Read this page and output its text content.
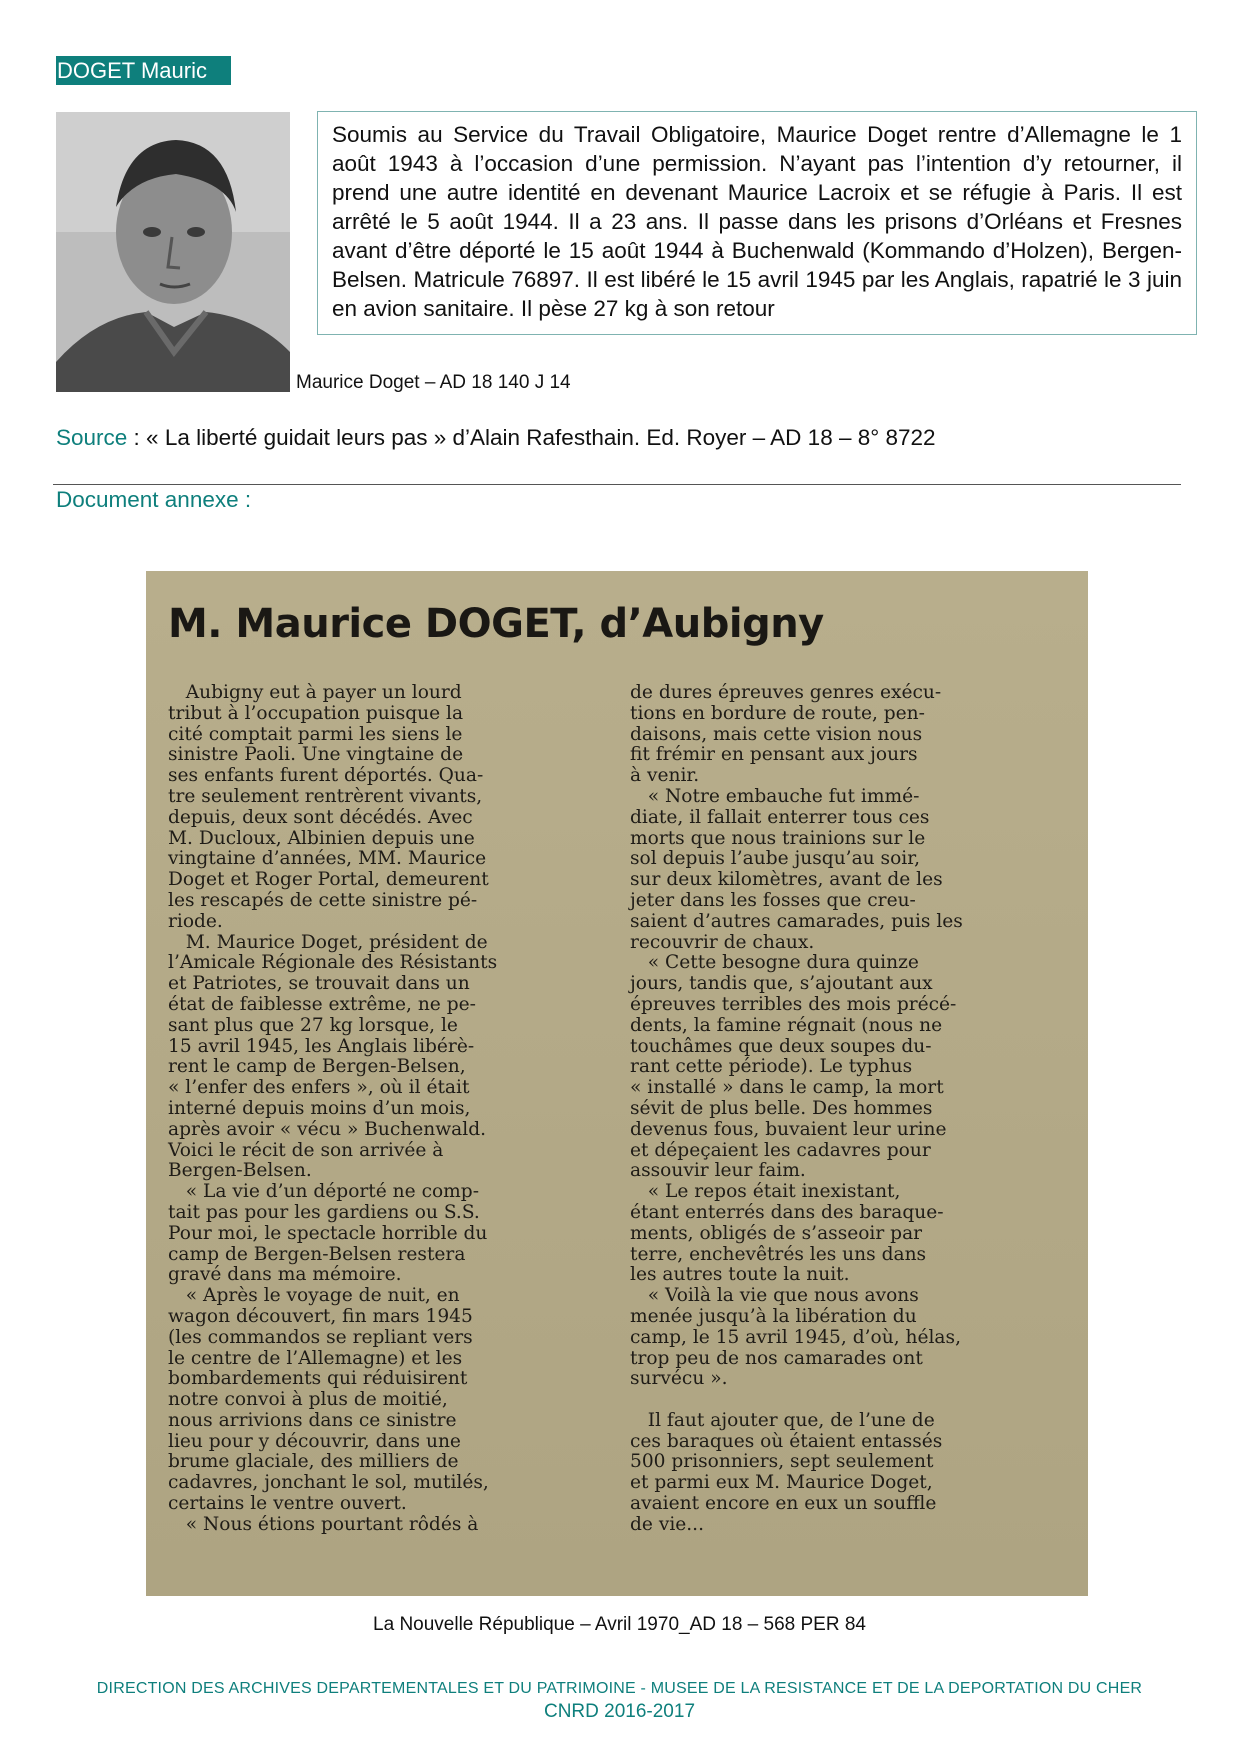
DOGET Mauric

Soumis au Service du Travail Obligatoire, Maurice Doget rentre d’Allemagne le 1 août 1943 à l’occasion d’une permission. N’ayant pas l’intention d’y retourner, il prend une autre identité en devenant Maurice Lacroix et se réfugie à Paris. Il est arrêté le 5 août 1944. Il a 23 ans. Il passe dans les prisons d’Orléans et Fresnes avant d’être déporté le 15 août 1944 à Buchenwald (Kommando d’Holzen), Bergen-Belsen. Matricule 76897. Il est libéré le 15 avril 1945 par les Anglais, rapatrié le 3 juin en avion sanitaire. Il pèse 27 kg à son retour

Maurice Doget – AD 18 140 J 14
Source : « La liberté guidait leurs pas » d’Alain Rafesthain. Ed. Royer – AD 18 – 8° 8722
Document annexe :
M. Maurice DOGET, d’Aubigny

Aubigny eut à payer un lourd
tribut à l’occupation puisque la
cité comptait parmi les siens le
sinistre Paoli. Une vingtaine de
ses enfants furent déportés. Qua-
tre seulement rentrèrent vivants,
depuis, deux sont décédés. Avec
M. Ducloux, Albinien depuis une
vingtaine d’années, MM. Maurice
Doget et Roger Portal, demeurent
les rescapés de cette sinistre pé-
riode.
M. Maurice Doget, président de
l’Amicale Régionale des Résistants
et Patriotes, se trouvait dans un
état de faiblesse extrême, ne pe-
sant plus que 27 kg lorsque, le
15 avril 1945, les Anglais libérè-
rent le camp de Bergen-Belsen,
« l’enfer des enfers », où il était
interné depuis moins d’un mois,
après avoir « vécu » Buchenwald.
Voici le récit de son arrivée à
Bergen-Belsen.
« La vie d’un déporté ne comp-
tait pas pour les gardiens ou S.S.
Pour moi, le spectacle horrible du
camp de Bergen-Belsen restera
gravé dans ma mémoire.
« Après le voyage de nuit, en
wagon découvert, fin mars 1945
(les commandos se repliant vers
le centre de l’Allemagne) et les
bombardements qui réduisirent
notre convoi à plus de moitié,
nous arrivions dans ce sinistre
lieu pour y découvrir, dans une
brume glaciale, des milliers de
cadavres, jonchant le sol, mutilés,
certains le ventre ouvert.
« Nous étions pourtant rôdés à

de dures épreuves genres exécu-
tions en bordure de route, pen-
daisons, mais cette vision nous
fit frémir en pensant aux jours
à venir.
« Notre embauche fut immé-
diate, il fallait enterrer tous ces
morts que nous trainions sur le
sol depuis l’aube jusqu’au soir,
sur deux kilomètres, avant de les
jeter dans les fosses que creu-
saient d’autres camarades, puis les
recouvrir de chaux.
« Cette besogne dura quinze
jours, tandis que, s’ajoutant aux
épreuves terribles des mois précé-
dents, la famine régnait (nous ne
touchâmes que deux soupes du-
rant cette période). Le typhus
« installé » dans le camp, la mort
sévit de plus belle. Des hommes
devenus fous, buvaient leur urine
et dépeçaient les cadavres pour
assouvir leur faim.
« Le repos était inexistant,
étant enterrés dans des baraque-
ments, obligés de s’asseoir par
terre, enchevêtrés les uns dans
les autres toute la nuit.
« Voilà la vie que nous avons
menée jusqu’à la libération du
camp, le 15 avril 1945, d’où, hélas,
trop peu de nos camarades ont
survécu ».

Il faut ajouter que, de l’une de
ces baraques où étaient entassés
500 prisonniers, sept seulement
et parmi eux M. Maurice Doget,
avaient encore en eux un souffle
de vie...

La Nouvelle République – Avril 1970_AD 18 – 568 PER 84
DIRECTION DES ARCHIVES DEPARTEMENTALES ET DU PATRIMOINE - MUSEE DE LA RESISTANCE ET DE LA DEPORTATION DU CHER
CNRD 2016-2017
